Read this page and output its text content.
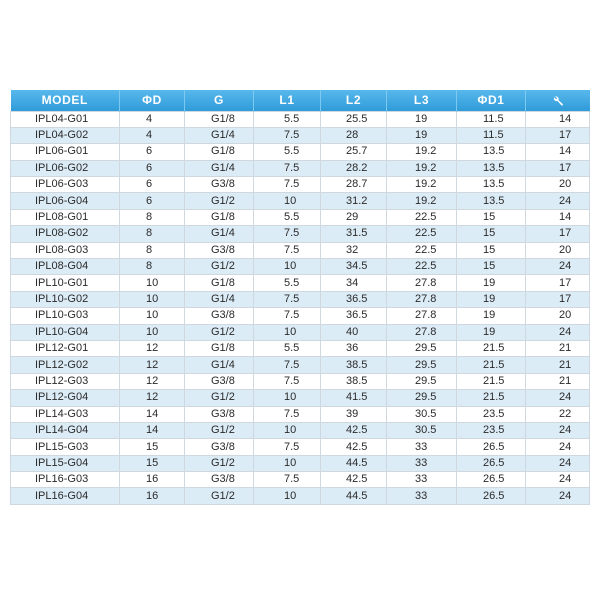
MODEL	ΦD	G	L1	L2	L3	ΦD1	
IPL04-G01	4	G1/8	5.5	25.5	19	11.5	14
IPL04-G02	4	G1/4	7.5	28	19	11.5	17
IPL06-G01	6	G1/8	5.5	25.7	19.2	13.5	14
IPL06-G02	6	G1/4	7.5	28.2	19.2	13.5	17
IPL06-G03	6	G3/8	7.5	28.7	19.2	13.5	20
IPL06-G04	6	G1/2	10	31.2	19.2	13.5	24
IPL08-G01	8	G1/8	5.5	29	22.5	15	14
IPL08-G02	8	G1/4	7.5	31.5	22.5	15	17
IPL08-G03	8	G3/8	7.5	32	22.5	15	20
IPL08-G04	8	G1/2	10	34.5	22.5	15	24
IPL10-G01	10	G1/8	5.5	34	27.8	19	17
IPL10-G02	10	G1/4	7.5	36.5	27.8	19	17
IPL10-G03	10	G3/8	7.5	36.5	27.8	19	20
IPL10-G04	10	G1/2	10	40	27.8	19	24
IPL12-G01	12	G1/8	5.5	36	29.5	21.5	21
IPL12-G02	12	G1/4	7.5	38.5	29.5	21.5	21
IPL12-G03	12	G3/8	7.5	38.5	29.5	21.5	21
IPL12-G04	12	G1/2	10	41.5	29.5	21.5	24
IPL14-G03	14	G3/8	7.5	39	30.5	23.5	22
IPL14-G04	14	G1/2	10	42.5	30.5	23.5	24
IPL15-G03	15	G3/8	7.5	42.5	33	26.5	24
IPL15-G04	15	G1/2	10	44.5	33	26.5	24
IPL16-G03	16	G3/8	7.5	42.5	33	26.5	24
IPL16-G04	16	G1/2	10	44.5	33	26.5	24
